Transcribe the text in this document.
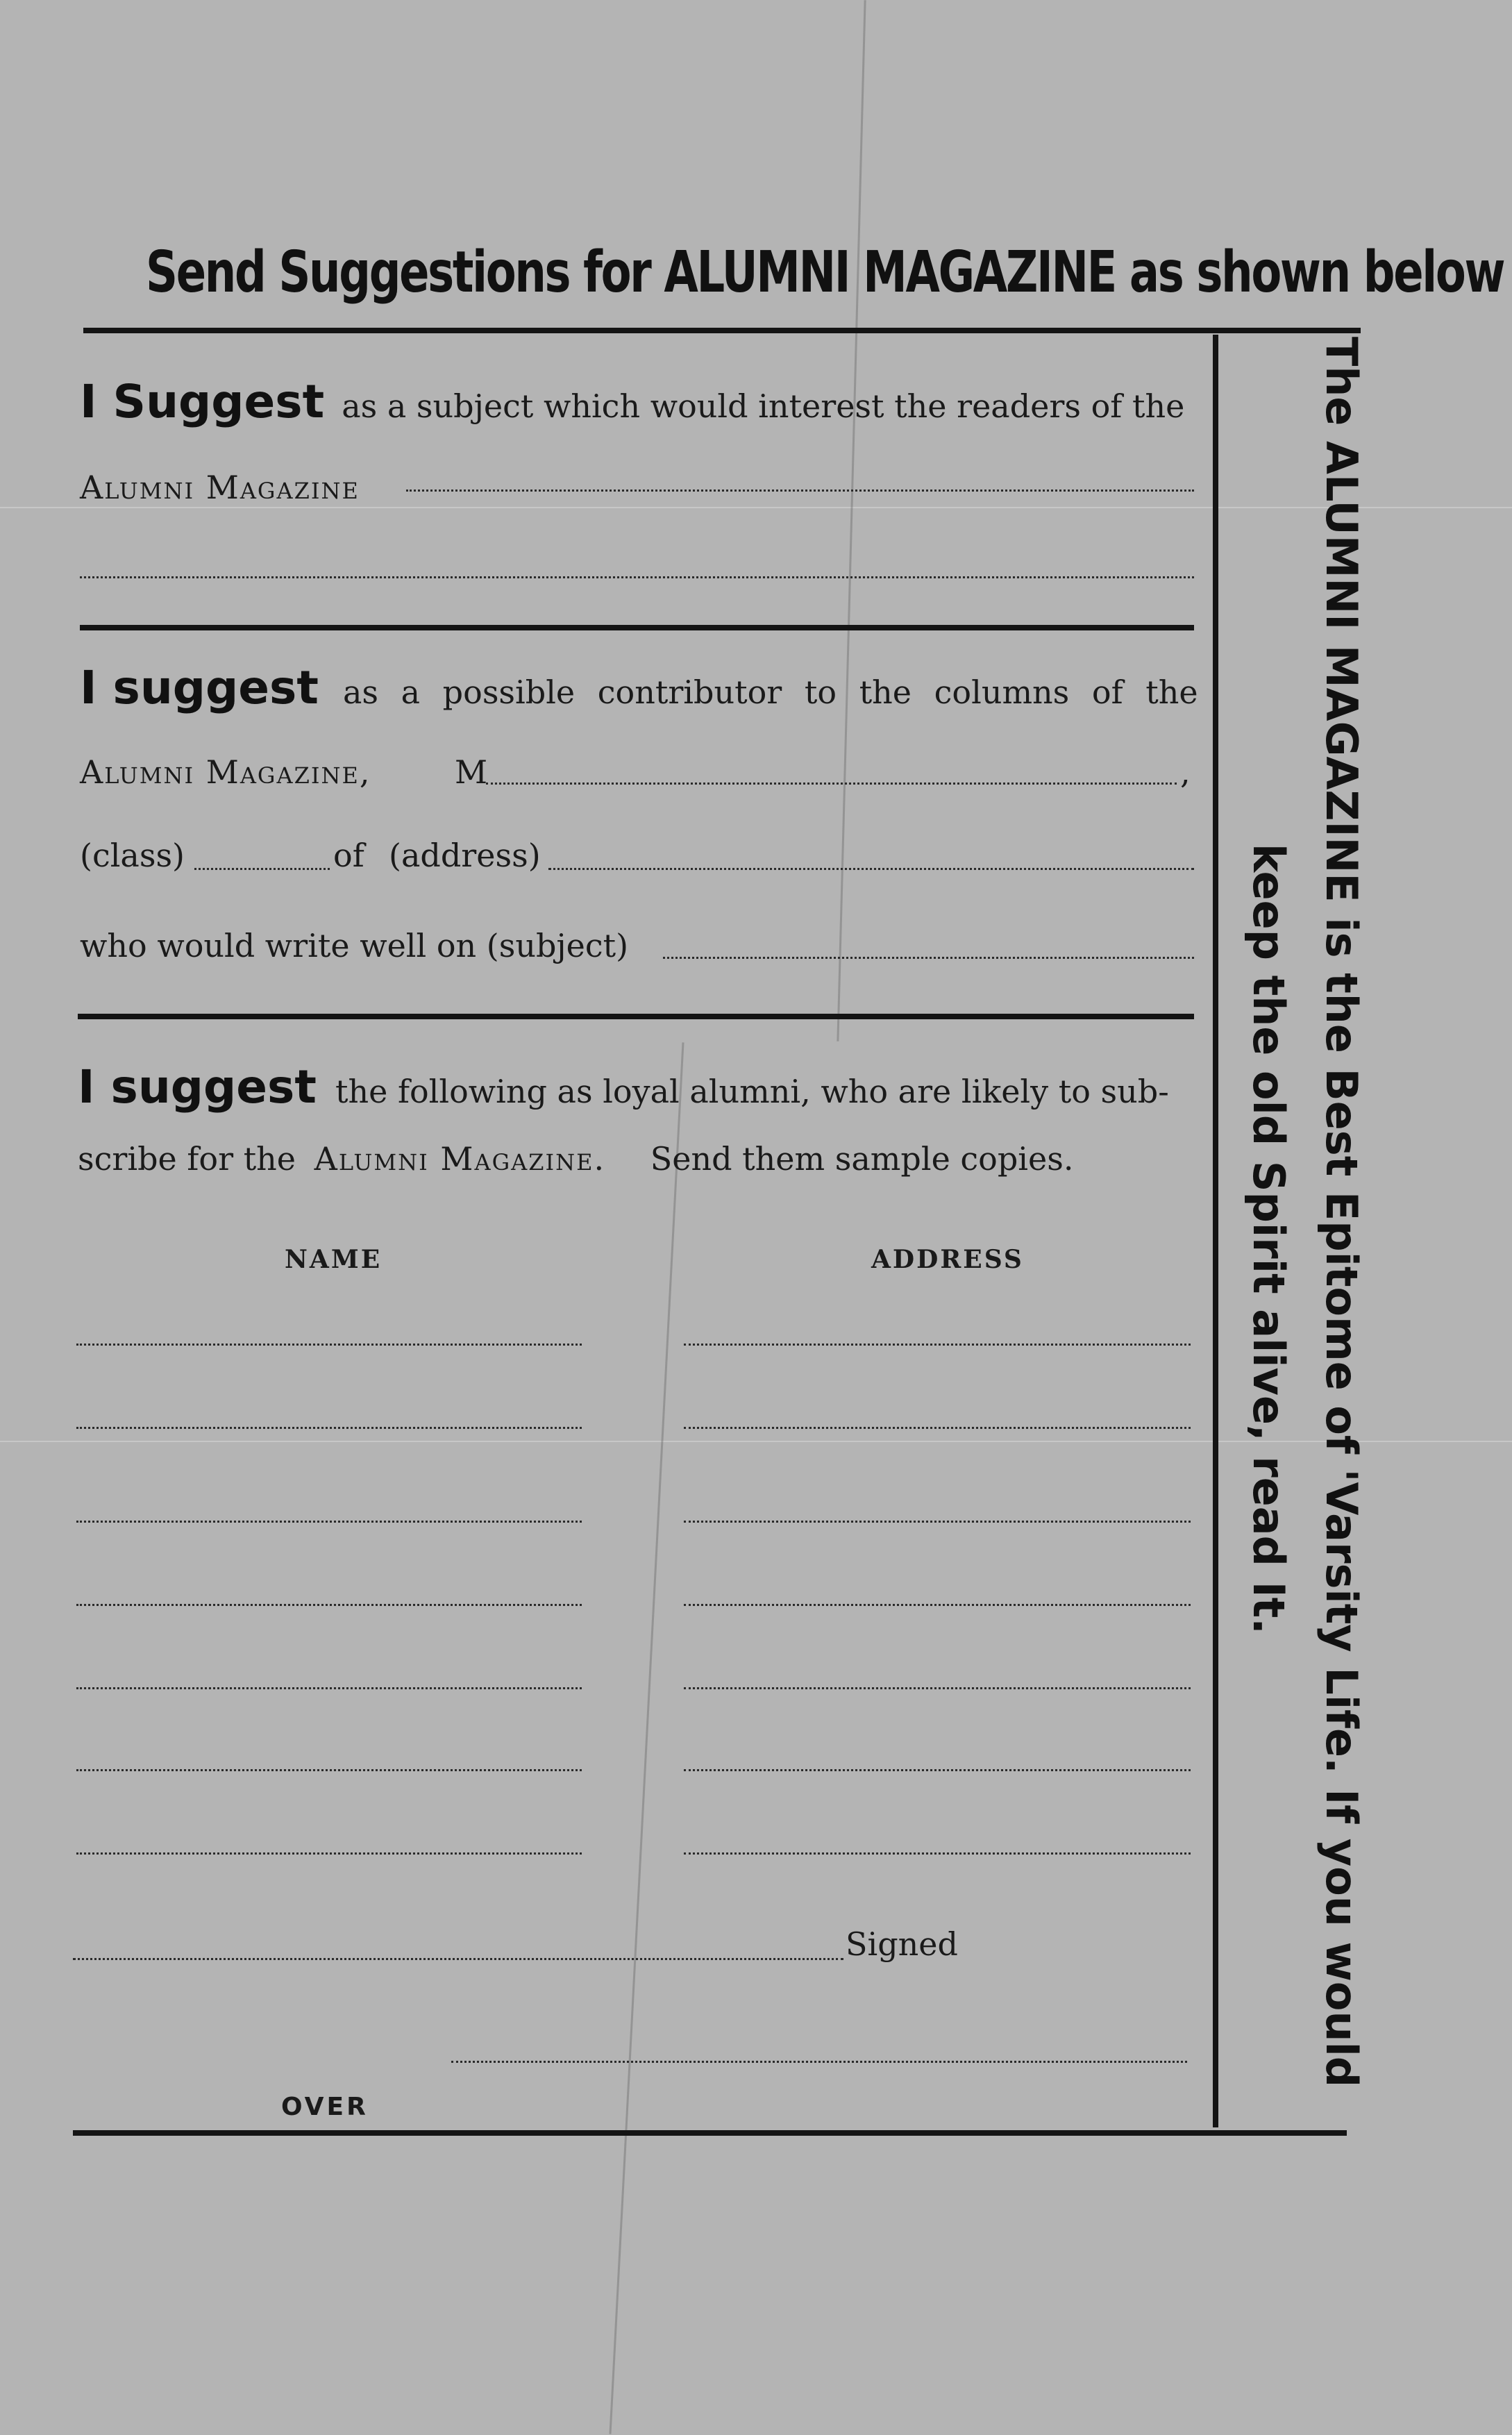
Send Suggestions for ALUMNI MAGAZINE as shown below
I Suggest as a subject which would interest the readers of the
Alumni Magazine
I suggest as a possible contributor to the columns of the
Alumni Magazine,	M	,
(class)	of (address)
who would write well on (subject)
I suggest the following as loyal alumni, who are likely to sub-
scribe for the Alumni Magazine. Send them sample copies.
NAME	ADDRESS
Signed
OVER
The ALUMNI MAGAZINE is the Best Epitome of 'Varsity Life. If you would
keep the old Spirit alive, read It.
